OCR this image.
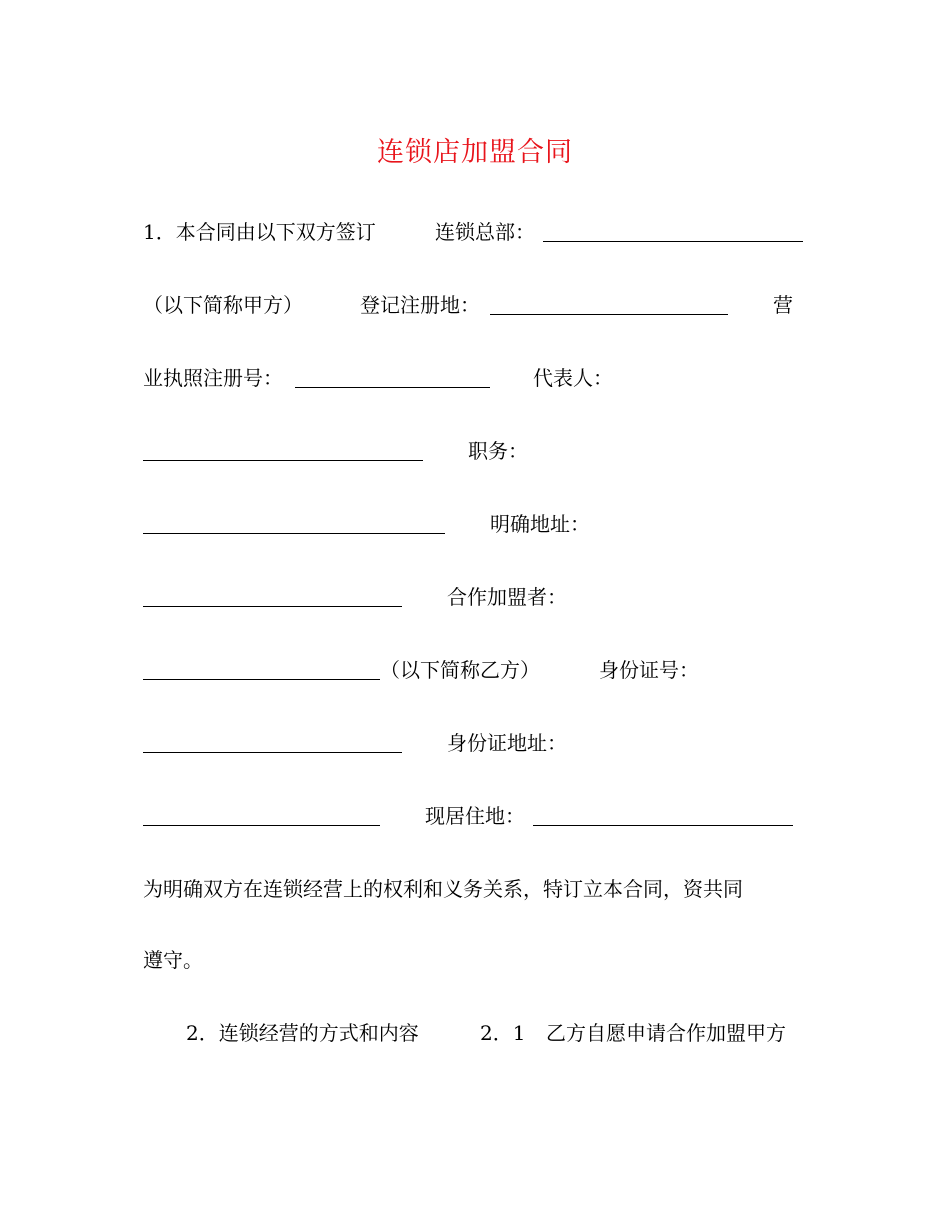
连锁店加盟合同
1．本合同由以下双方签订	连锁总部：
（以下简称甲方）	登记注册地：	营
业执照注册号：	代表人：
职务：
明确地址：
合作加盟者：
（以下简称乙方）	身份证号：
身份证地址：
现居住地：
为明确双方在连锁经营上的权利和义务关系，特订立本合同，资共同
遵守。
2．连锁经营的方式和内容	2．1 乙方自愿申请合作加盟甲方
